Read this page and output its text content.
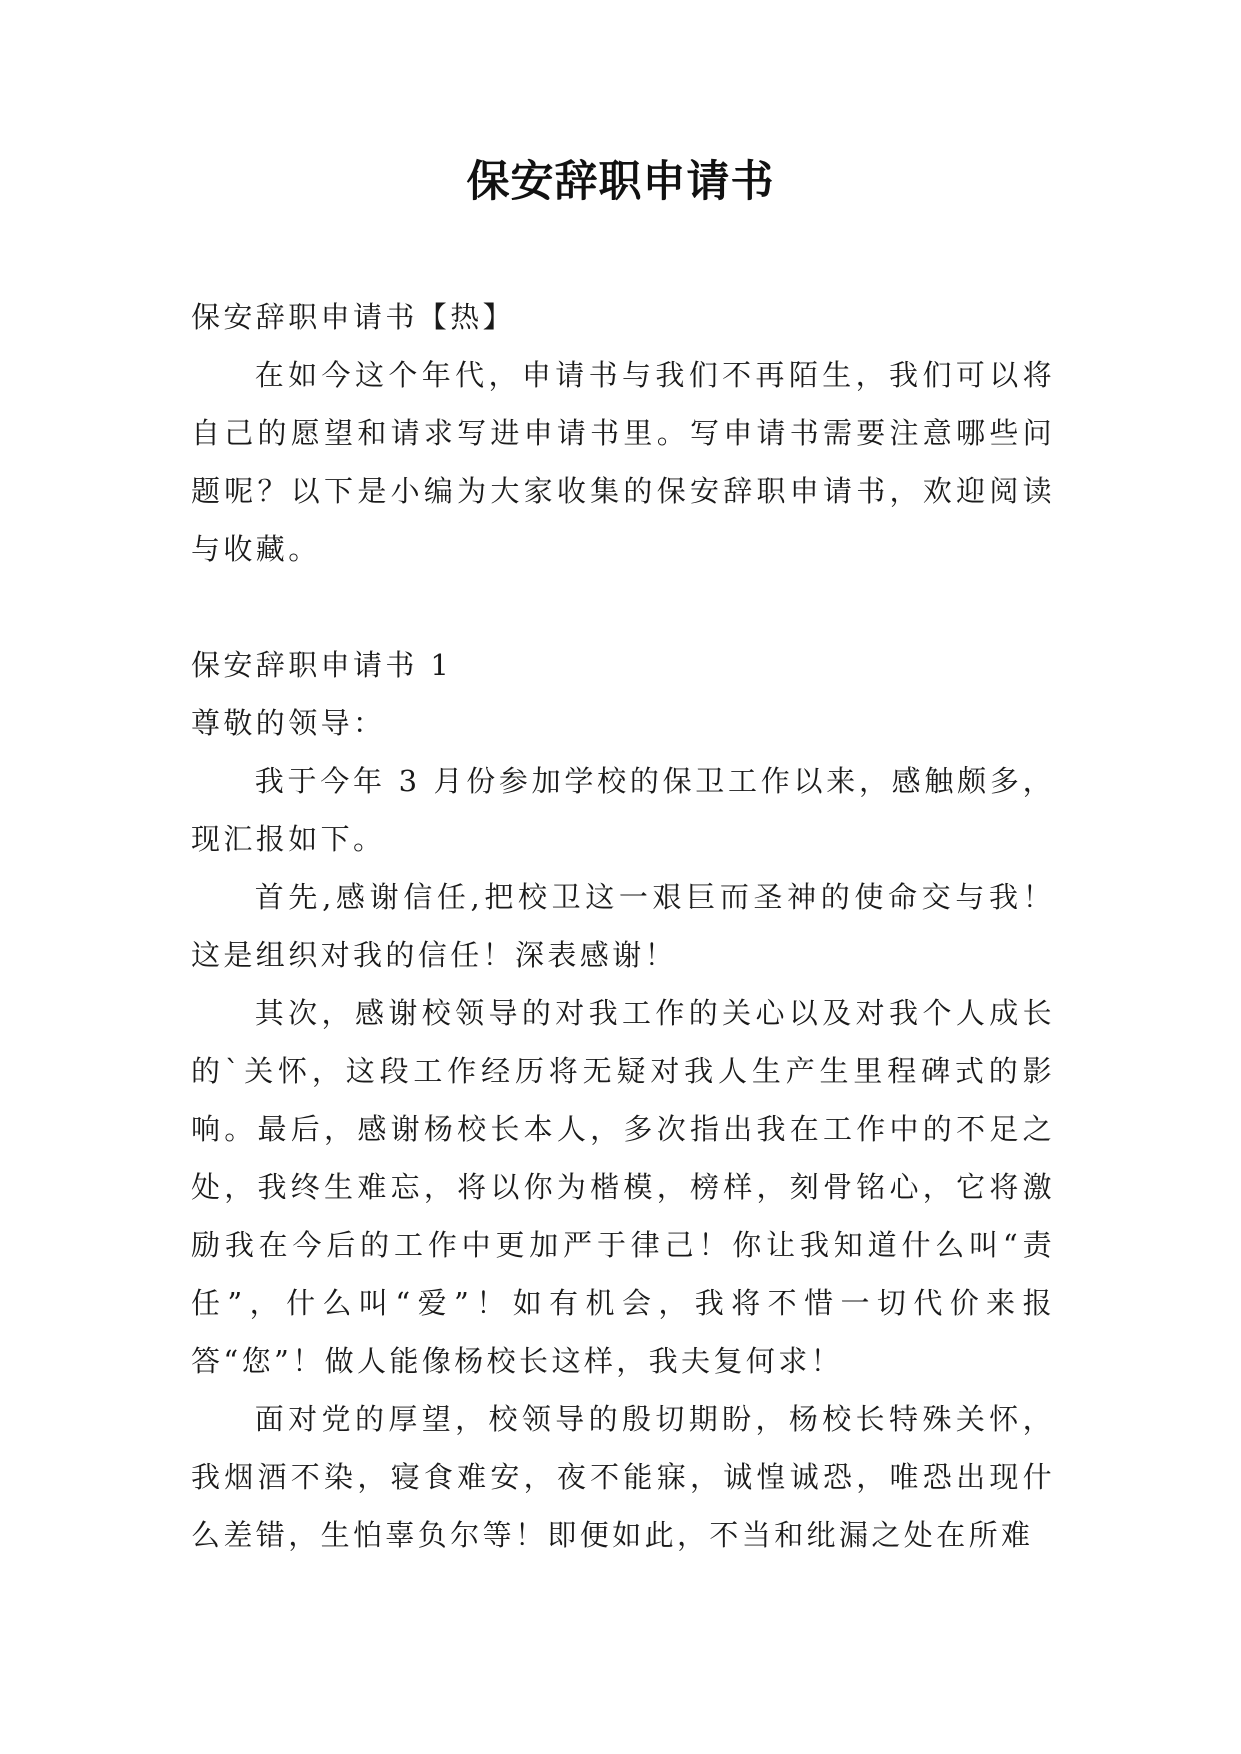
保安辞职申请书

保安辞职申请书【热】

在如今这个年代，申请书与我们不再陌生，我们可以将自己的愿望和请求写进申请书里。写申请书需要注意哪些问题呢？以下是小编为大家收集的保安辞职申请书，欢迎阅读与收藏。

保安辞职申请书 1

尊敬的领导：

我于今年 3 月份参加学校的保卫工作以来，感触颇多，现汇报如下。

首先,感谢信任,把校卫这一艰巨而圣神的使命交与我！这是组织对我的信任！深表感谢！

其次，感谢校领导的对我工作的关心以及对我个人成长的`关怀，这段工作经历将无疑对我人生产生里程碑式的影响。最后，感谢杨校长本人，多次指出我在工作中的不足之处，我终生难忘，将以你为楷模，榜样，刻骨铭心，它将激励我在今后的工作中更加严于律己！你让我知道什么叫“责任”，什么叫“爱”！如有机会，我将不惜一切代价来报答“您”！做人能像杨校长这样，我夫复何求！

面对党的厚望，校领导的殷切期盼，杨校长特殊关怀，我烟酒不染，寝食难安，夜不能寐，诚惶诚恐，唯恐出现什么差错，生怕辜负尔等！即便如此，不当和纰漏之处在所难
